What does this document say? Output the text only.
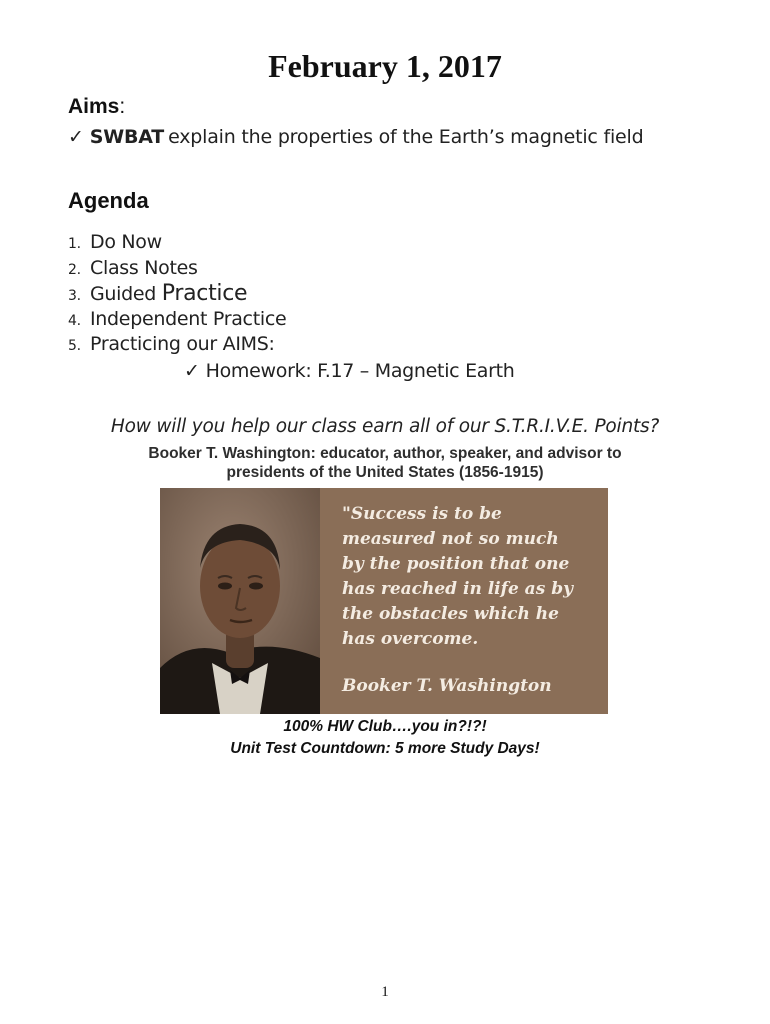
February 1, 2017
Aims:
✓ SWBAT explain the properties of the Earth’s magnetic field
Agenda
1. Do Now
2. Class Notes
3. Guided Practice
4. Independent Practice
5. Practicing our AIMS:
✓ Homework: F.17 – Magnetic Earth
How will you help our class earn all of our S.T.R.I.V.E. Points?
Booker T. Washington: educator, author, speaker, and advisor to
presidents of the United States (1856-1915)
"Success is to be
measured not so much
by the position that one
has reached in life as by
the obstacles which he
has overcome.
Booker T. Washington
100% HW Club….you in?!?!
Unit Test Countdown: 5 more Study Days!
1
